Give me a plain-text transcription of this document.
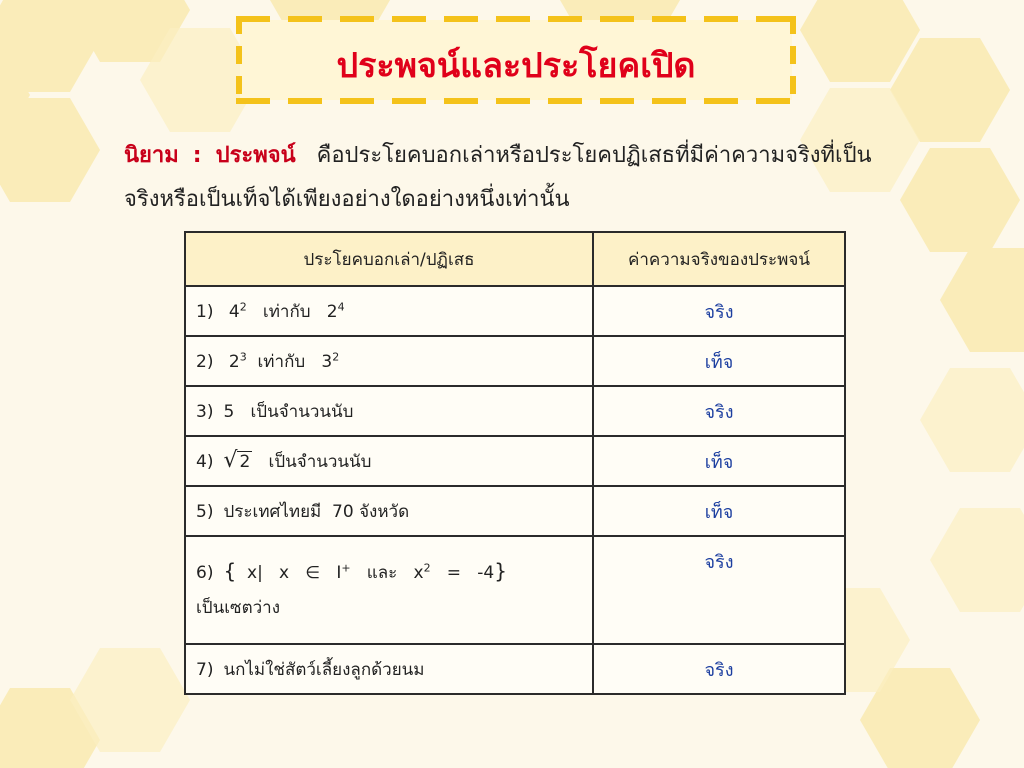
ประพจน์และประโยคเปิด
นิยาม : ประพจน์ คือประโยคบอกเล่าหรือประโยคปฏิเสธที่มีค่าความจริงที่เป็น
จริงหรือเป็นเท็จได้เพียงอย่างใดอย่างหนึ่งเท่านั้น
ประโยคบอกเล่า/ปฏิเสธ	ค่าความจริงของประพจน์
1) $4^2$ เท่ากับ $2^4$	จริง
2) $2^3$ เท่ากับ $3^2$	เท็จ
3) 5   เป็นจำนวนนับ	จริง
4) √ 2 เป็นจำนวนนับ	เท็จ
5) ประเทศไทยมี  70 จังหวัด	เท็จ

6) { x| x ∈ I+ และ $x^2 = -4$}
เป็นเซตว่าง	จริง
7) นกไม่ใช่สัตว์เลี้ยงลูกด้วยนม	จริง
